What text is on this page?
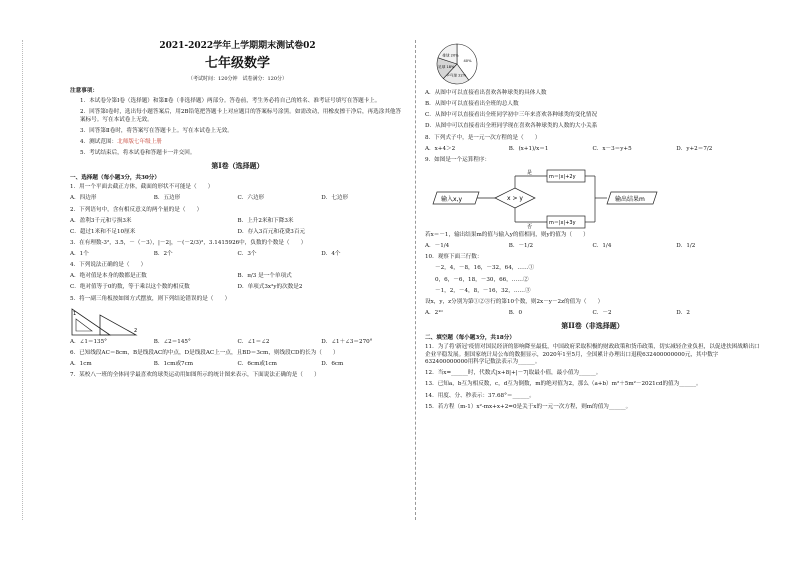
2021-2022学年上学期期末测试卷02

七年级数学

（考试时间：120分钟　试卷满分：120分）

注意事项：

1．本试卷分第Ⅰ卷（选择题）和第Ⅱ卷（非选择题）两部分。答卷前，考生务必将自己的姓名、准考证号填写在答题卡上。

2．回答第Ⅰ卷时，选出每小题答案后，用2B铅笔把答题卡上对应题目的答案标号涂黑。如需改动，用橡皮擦干净后，再选涂其他答案标号。写在本试卷上无效。

3．回答第Ⅱ卷时，将答案写在答题卡上。写在本试卷上无效。

4．测试范围：北师版七年级上册

5．考试结束后，将本试卷和答题卡一并交回。

第Ⅰ卷（选择题）

一、选择题（每小题3分，共30分）

1．用一个平面去截正方体，截面的形状不可能是（　　）

A．四边形	B．五边形	C．六边形	D．七边形

2．下列语句中，含有相反意义的两个量的是（　　）

A．盈利3千元和亏损3米	B．上升2米和下降3米
C．超过1米和不足10厘米	D．存入3百元和花费3百元

3．在有理数-3²，3.5，－（－3），|－2|，－(－2/3)²，3.1415926中，负数的个数是（　　）

A．1个	B．2个	C．3个	D．4个

4．下列说法正确的是（　　）

A．绝对值是本身的数都是正数	B．π/3 是一个单项式
C．绝对值等于0的数，等于乘以这个数的相反数	D．单项式3x²y的次数是2

5．将一副三角板按如图方式摆放，则下列结论错误的是（　　）

1
2
A．∠1＝135°	B．∠2＝145°	C．∠1＝∠2	D．∠1＋∠3＝270°

6．已知线段AC＝8cm，B是线段AC的中点，D是线段AC上一点，且BD＝3cm，则线段CD的长为（　　）

A．1cm	B．1cm或7cm	C．6cm或1cm	D．6cm

7．某校八一班的全体同学最喜欢的球类运动用如图所示的统计图来表示，下面说法正确的是（　　）

40%
乒乓球 22%
足球 18%
排球 20%

A．从图中可以直接看出喜欢各种球类的具体人数

B．从图中可以直接看出全班的总人数

C．从图中可以直接看出全班同学初中三年来喜欢各种球类的变化情况

D．从图中可以直接看出全班同学现在喜欢各种球类的人数的大小关系

8．下列式子中，是一元一次方程的是（　　）

A．x+4＞2	B．(x+1)/x＝1	C．x－3＝y+5	D．y+2＝7/2

9．如图是一个运算程序：

输入x,y	x > y
是
m＝|x|+2y
否
m＝|x|+3y
输出结果m

若x＝－1，输出结果m的值与输入y的值相同，则y的值为（　　）

A．－1/4	B．－1/2	C．1/4	D．1/2

10．观察下面三行数：

－2，4，－8，16，－32，64，……①

0，6，－6，18，－30，66，……②

－1，2，－4，8，－16，32，……③

设x，y，z分别为第①②③行的第10个数，则2x－y－2z的值为（　　）

A．2¹⁰	B．0	C．－2	D．2

第II卷（非选择题）

二、填空题（每小题3分，共18分）

11．为了将'新冠'疫情对国民经济的影响降至最低，中国政府采取积极的财政政策和货币政策，切实减轻企业负担，以促进扶困战略出口企业平稳发展。据国家统计局公布的数据显示，2020年1至5月，全国累计办理出口退税632400000000元，其中数字632400000000用科学记数法表示为______。

12．当x=______时，代数式|x+8|+|－7|取最小值，最小值为______。

13．已知a，b互为相反数，c，d互为倒数，m的绝对值为2，那么（a+b）m²＋5m²－2021cd的值为______。

14．用度、分、秒表示：37.68°＝______。

15．若方程（m-1）x²-mx+x+2=0是关于x的一元一次方程，则m的值为______。
